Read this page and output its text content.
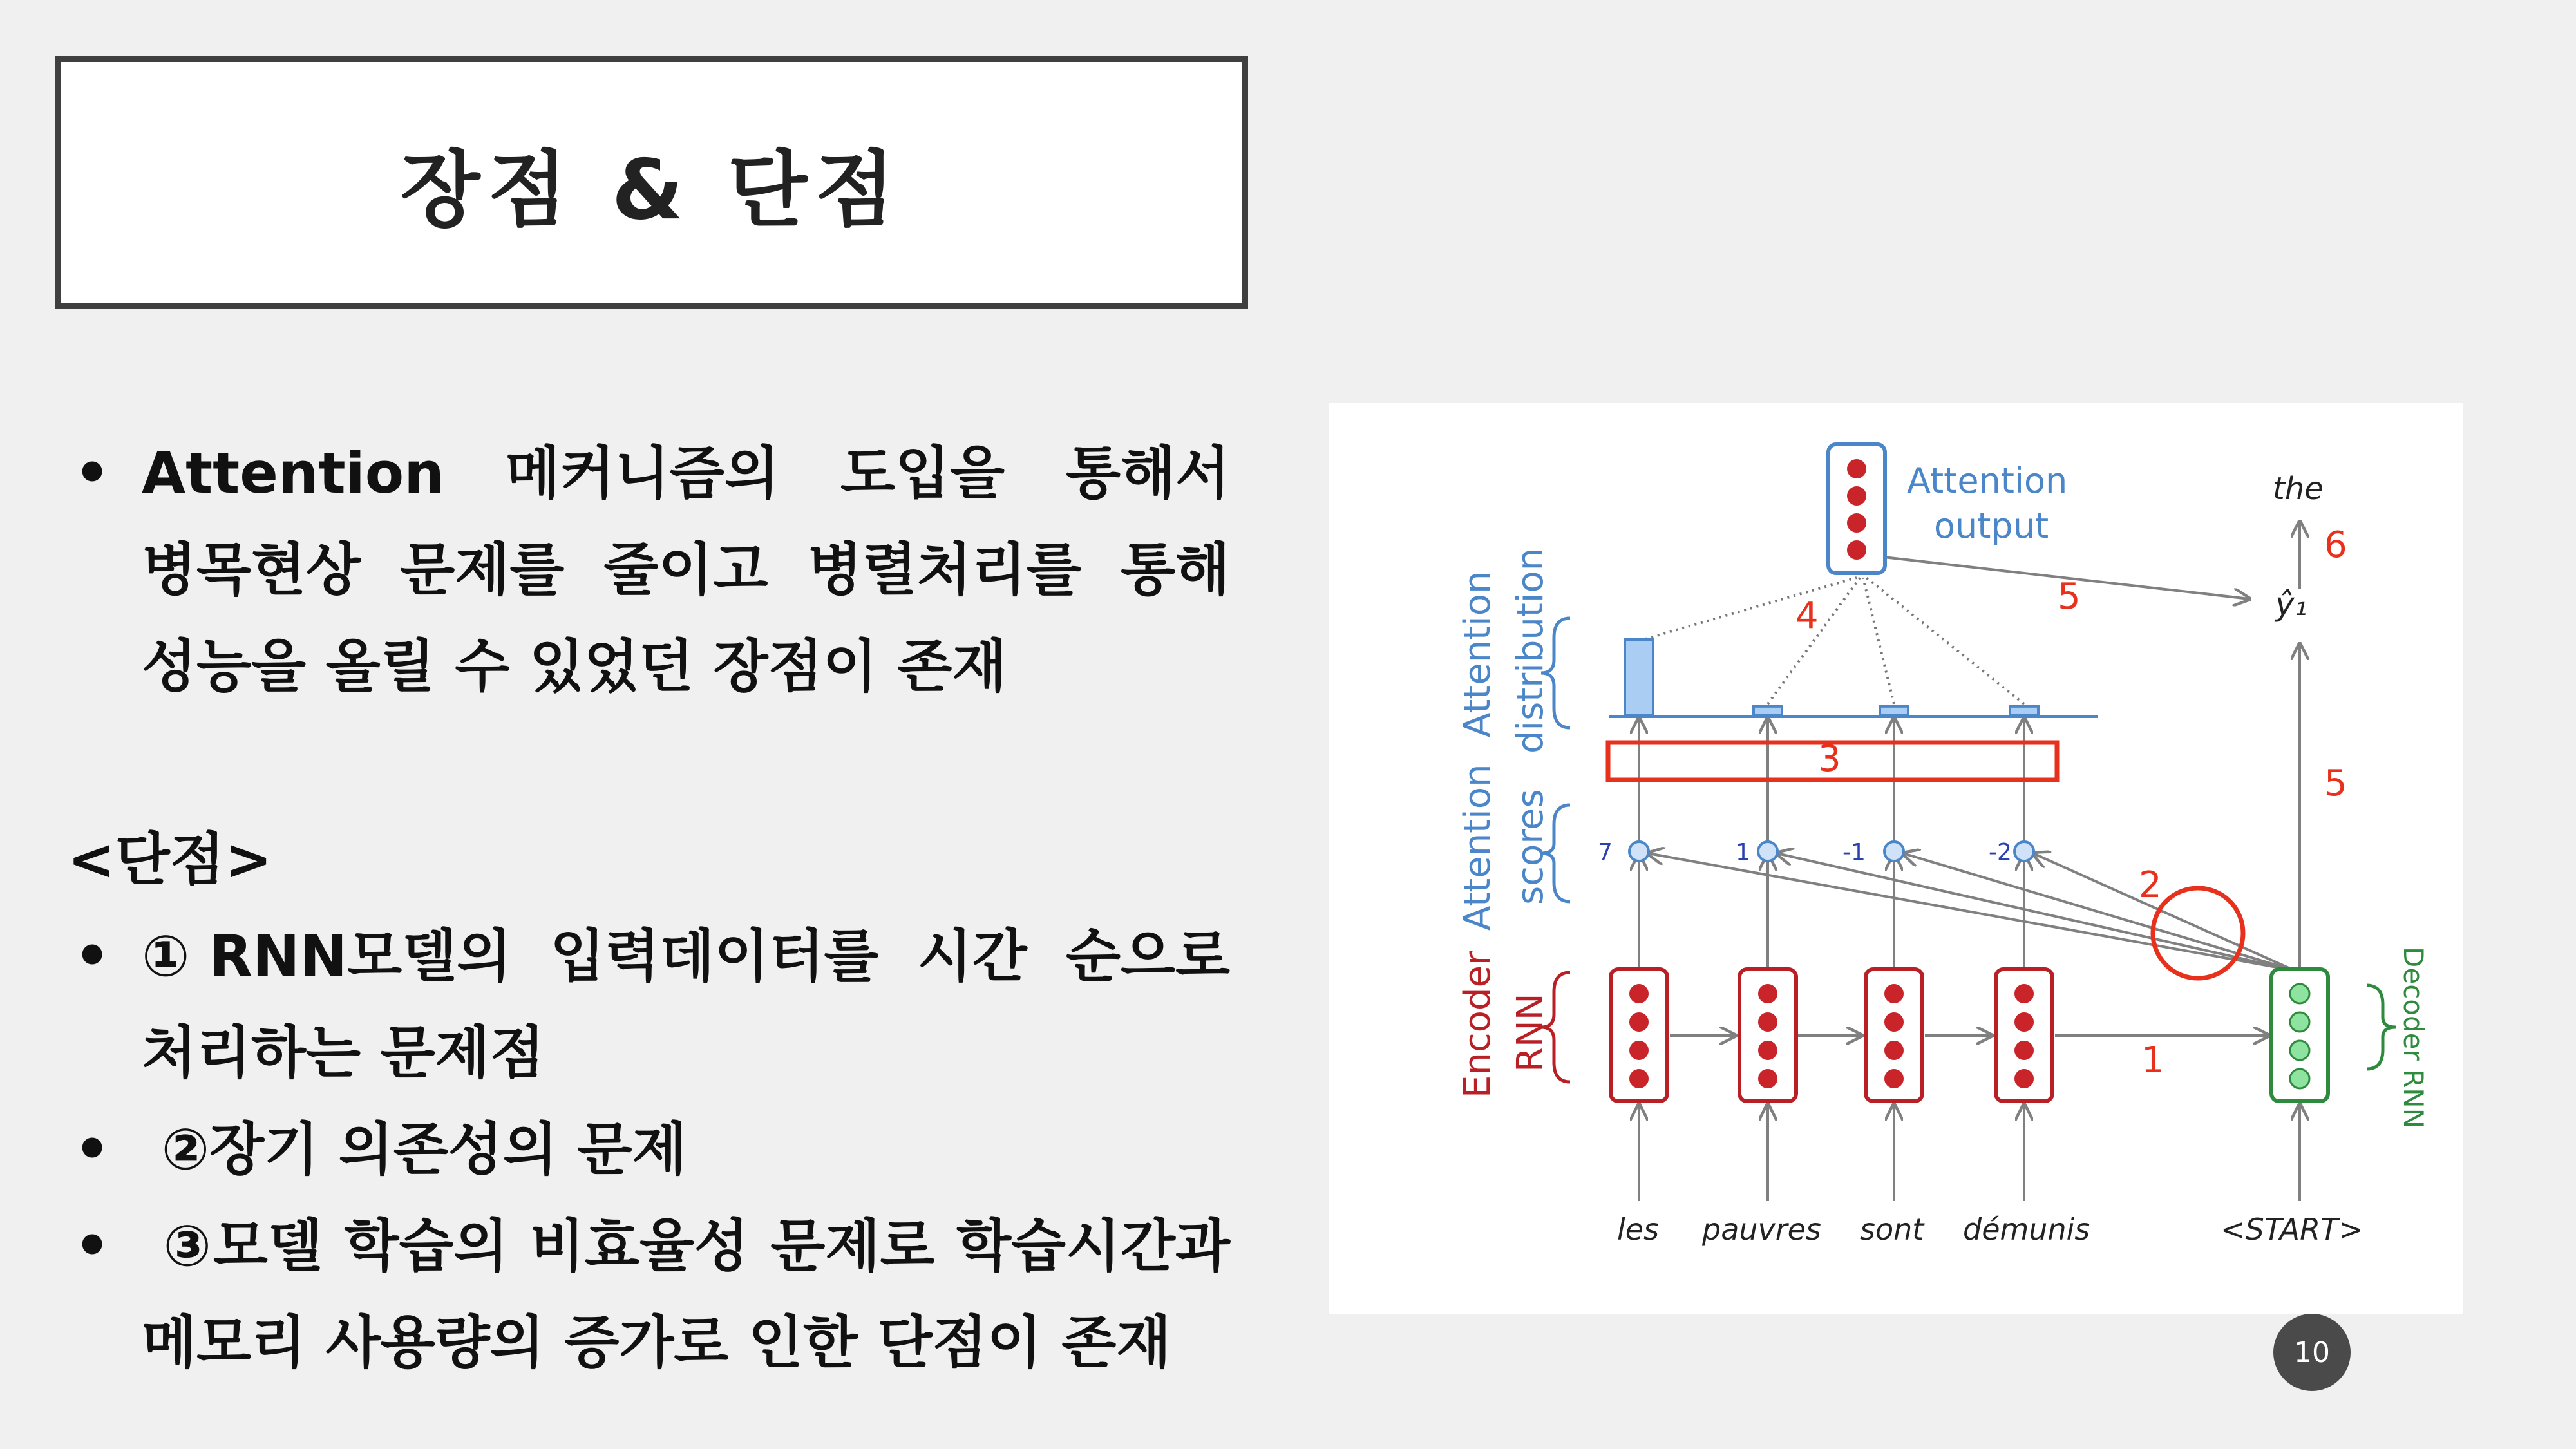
장점 & 단점
• Attention 메커니즘의 도입을 통해서
병목현상 문제를 줄이고 병렬처리를 통해
성능을 올릴 수 있었던 장점이 존재
<단점>
• ①RNN모델의 입력데이터를 시간 순으로
처리하는 문제점
• ②장기 의존성의 문제
• ③모델 학습의 비효율성 문제로 학습시간과
메모리 사용량의 증가로 인한 단점이 존재
7	1	-1	-2
Attention distribution
Attention scores
Encoder RNN	Decoder RNN
Attention
output
the
ŷ₁
1
2
3
4	5
5
6
les pauvres sont démunis	<START>
10
